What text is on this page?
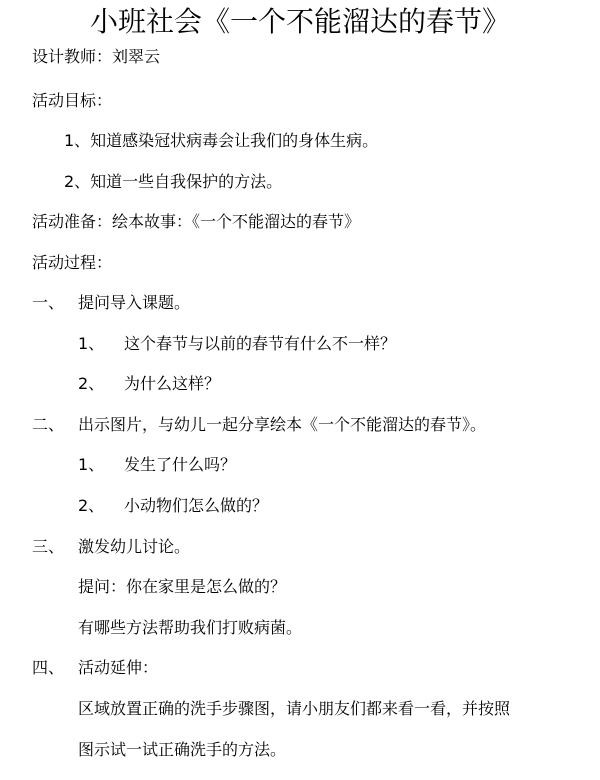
小班社会《一个不能溜达的春节》
设计教师：刘翠云
活动目标：
1、知道感染冠状病毒会让我们的身体生病。
2、知道一些自我保护的方法。
活动准备：绘本故事：《一个不能溜达的春节》
活动过程：
一、 提问导入课题。
1、 这个春节与以前的春节有什么不一样？
2、 为什么这样？
二、 出示图片，与幼儿一起分享绘本《一个不能溜达的春节》。
1、 发生了什么吗？
2、 小动物们怎么做的？
三、 激发幼儿讨论。
提问：你在家里是怎么做的？
有哪些方法帮助我们打败病菌。
四、 活动延伸：
区域放置正确的洗手步骤图，请小朋友们都来看一看，并按照
图示试一试正确洗手的方法。
